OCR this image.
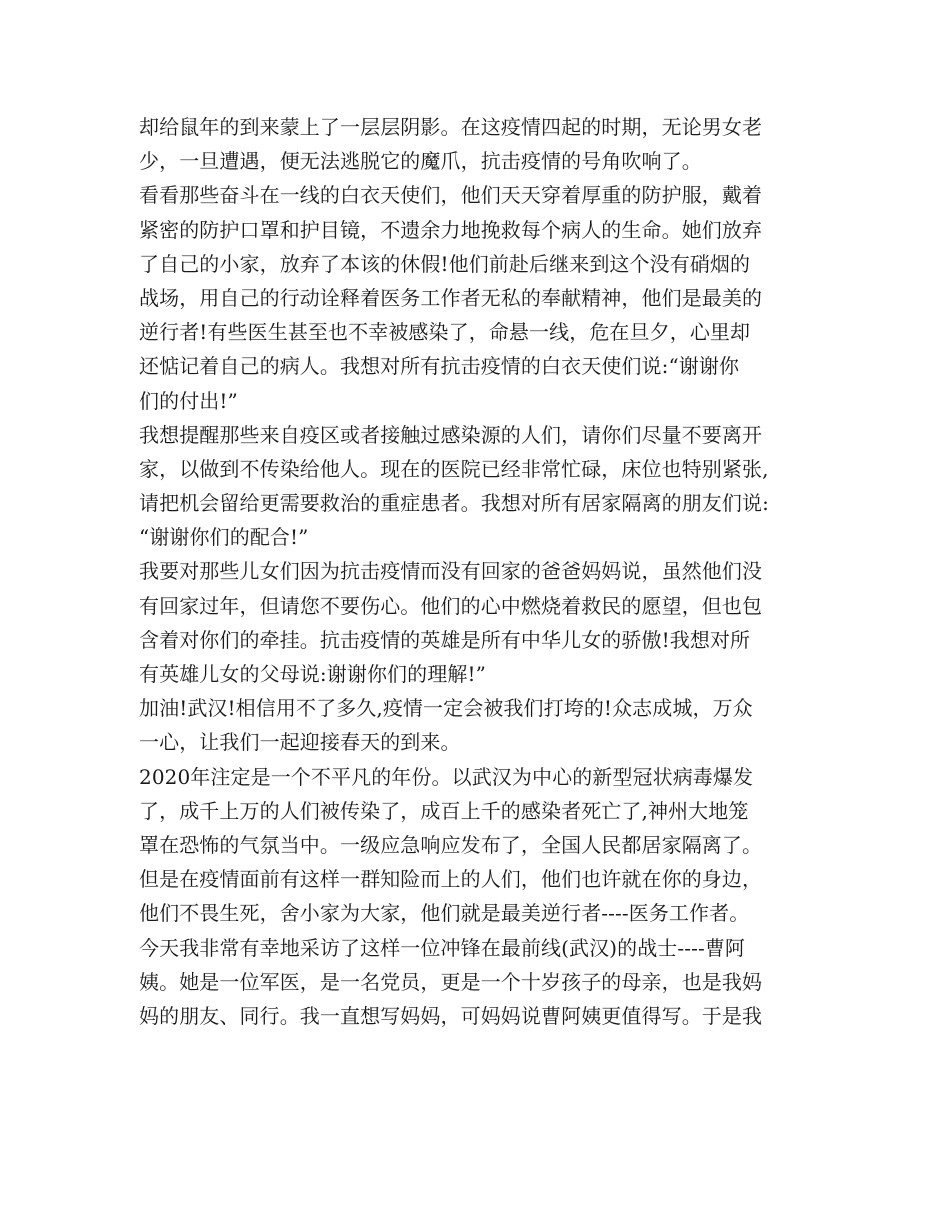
却给鼠年的到来蒙上了一层层阴影。在这疫情四起的时期，无论男女老
少，一旦遭遇，便无法逃脱它的魔爪，抗击疫情的号角吹响了。
看看那些奋斗在一线的白衣天使们，他们天天穿着厚重的防护服，戴着
紧密的防护口罩和护目镜，不遗余力地挽救每个病人的生命。她们放弃
了自己的小家，放弃了本该的休假!他们前赴后继来到这个没有硝烟的
战场，用自己的行动诠释着医务工作者无私的奉献精神，他们是最美的
逆行者!有些医生甚至也不幸被感染了，命悬一线，危在旦夕，心里却
还惦记着自己的病人。我想对所有抗击疫情的白衣天使们说:“谢谢你
们的付出!”
我想提醒那些来自疫区或者接触过感染源的人们，请你们尽量不要离开
家，以做到不传染给他人。现在的医院已经非常忙碌，床位也特别紧张,
请把机会留给更需要救治的重症患者。我想对所有居家隔离的朋友们说:
“谢谢你们的配合!”
我要对那些儿女们因为抗击疫情而没有回家的爸爸妈妈说，虽然他们没
有回家过年，但请您不要伤心。他们的心中燃烧着救民的愿望，但也包
含着对你们的牵挂。抗击疫情的英雄是所有中华儿女的骄傲!我想对所
有英雄儿女的父母说:谢谢你们的理解!”
加油!武汉!相信用不了多久,疫情一定会被我们打垮的!众志成城，万众
一心，让我们一起迎接春天的到来。
2020年注定是一个不平凡的年份。以武汉为中心的新型冠状病毒爆发
了，成千上万的人们被传染了，成百上千的感染者死亡了,神州大地笼
罩在恐怖的气氛当中。一级应急响应发布了，全国人民都居家隔离了。
但是在疫情面前有这样一群知险而上的人们，他们也许就在你的身边，
他们不畏生死，舍小家为大家，他们就是最美逆行者----医务工作者。
今天我非常有幸地采访了这样一位冲锋在最前线(武汉)的战士----曹阿
姨。她是一位军医，是一名党员，更是一个十岁孩子的母亲，也是我妈
妈的朋友、同行。我一直想写妈妈，可妈妈说曹阿姨更值得写。于是我
